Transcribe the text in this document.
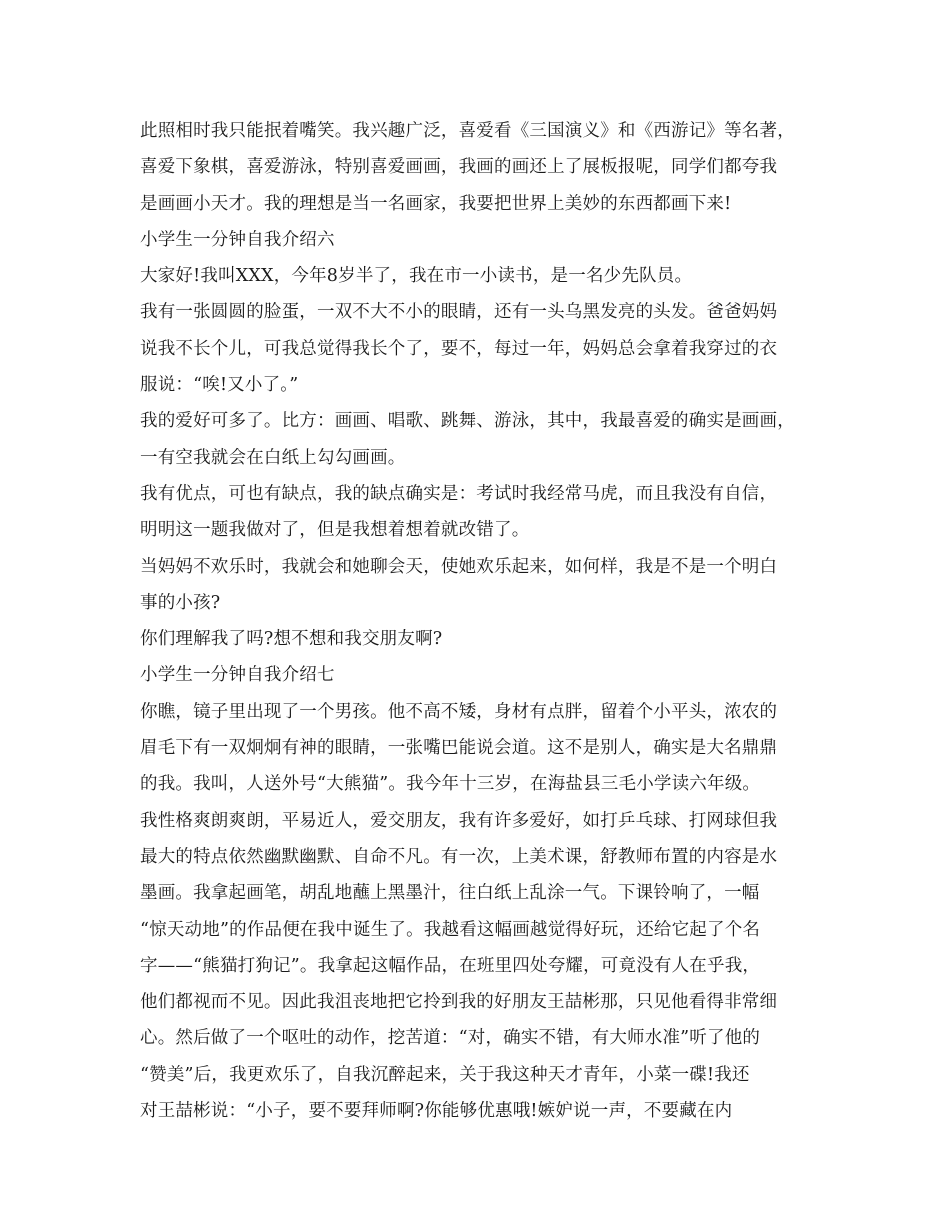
此照相时我只能抿着嘴笑。我兴趣广泛，喜爱看《三国演义》和《西游记》等名著，
喜爱下象棋，喜爱游泳，特别喜爱画画，我画的画还上了展板报呢，同学们都夸我
是画画小天才。我的理想是当一名画家，我要把世界上美妙的东西都画下来!
小学生一分钟自我介绍六
大家好!我叫XXX，今年8岁半了，我在市一小读书，是一名少先队员。
我有一张圆圆的脸蛋，一双不大不小的眼睛，还有一头乌黑发亮的头发。爸爸妈妈
说我不长个儿，可我总觉得我长个了，要不，每过一年，妈妈总会拿着我穿过的衣
服说：“唉!又小了。”
我的爱好可多了。比方：画画、唱歌、跳舞、游泳，其中，我最喜爱的确实是画画，
一有空我就会在白纸上勾勾画画。
我有优点，可也有缺点，我的缺点确实是：考试时我经常马虎，而且我没有自信，
明明这一题我做对了，但是我想着想着就改错了。
当妈妈不欢乐时，我就会和她聊会天，使她欢乐起来，如何样，我是不是一个明白
事的小孩?
你们理解我了吗?想不想和我交朋友啊?
小学生一分钟自我介绍七
你瞧，镜子里出现了一个男孩。他不高不矮，身材有点胖，留着个小平头，浓农的
眉毛下有一双炯炯有神的眼睛，一张嘴巴能说会道。这不是别人，确实是大名鼎鼎
的我。我叫，人送外号“大熊猫”。我今年十三岁，在海盐县三毛小学读六年级。
我性格爽朗爽朗，平易近人，爱交朋友，我有许多爱好，如打乒乓球、打网球但我
最大的特点依然幽默幽默、自命不凡。有一次，上美术课，舒教师布置的内容是水
墨画。我拿起画笔，胡乱地蘸上黑墨汁，往白纸上乱涂一气。下课铃响了，一幅
“惊天动地”的作品便在我中诞生了。我越看这幅画越觉得好玩，还给它起了个名
字——“熊猫打狗记”。我拿起这幅作品，在班里四处夸耀，可竟没有人在乎我，
他们都视而不见。因此我沮丧地把它拎到我的好朋友王喆彬那，只见他看得非常细
心。然后做了一个呕吐的动作，挖苦道：“对，确实不错，有大师水准”听了他的
“赞美”后，我更欢乐了，自我沉醉起来，关于我这种天才青年，小菜一碟!我还
对王喆彬说：“小子，要不要拜师啊?你能够优惠哦!嫉妒说一声，不要藏在内
